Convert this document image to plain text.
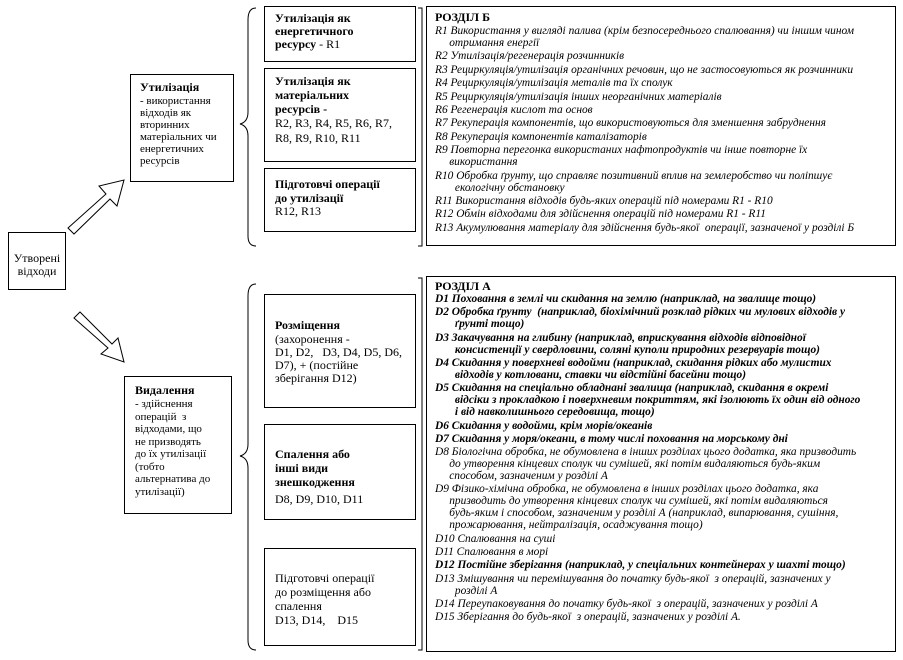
Утворені
відходи
Утилізація
- використання
відходів як
вторинних
матеріальних чи
енергетичних
ресурсів
Видалення
- здійснення
операцій  з
відходами, що
не призводять
до їх утилізації
(тобто
альтернатива до
утилізації)
Утилізація як
енергетичного
ресурсу - R1
Утилізація як
матеріальних
ресурсів -
R2, R3, R4, R5, R6, R7,
R8, R9, R10, R11
Підготовчі операції
до утилізації
R12, R13
Розміщення
(захоронення -
D1, D2,   D3, D4, D5, D6,
D7), + (постійне
зберігання D12)
Спалення або
інші види
знешкодження
D8, D9, D10, D11
Підготовчі операції
до розміщення або
спалення
D13, D14,    D15
РОЗДІЛ Б
R1 Використання у вигляді палива (крім безпосереднього спалювання) чи іншим чином
отримання енергії
R2 Утилізація/регенерація розчинників
R3 Рециркуляція/утилізація органічних речовин, що не застосовуються як розчинники
R4 Рециркуляція/утилізація металів та їх сполук
R5 Рециркуляція/утилізація інших неорганічних матеріалів
R6 Регенерація кислот та основ
R7 Рекуперація компонентів, що використовуються для зменшення забруднення
R8 Рекуперація компонентів каталізаторів
R9 Повторна перегонка використаних нафтопродуктів чи інше повторне їх
використання
R10 Обробка ґрунту, що справляє позитивний вплив на землеробство чи поліпшує
екологічну обстановку
R11 Використання відходів будь-яких операцій під номерами R1 - R10
R12 Обмін відходами для здійснення операцій під номерами R1 - R11
R13 Акумулювання матеріалу для здійснення будь-якої  операції, зазначеної у розділі Б
РОЗДІЛ А
D1 Поховання в землі чи скидання на землю (наприклад, на звалище тощо)
D2 Обробка ґрунту  (наприклад, біохімічний розклад рідких чи мулових відходів у
ґрунті тощо)
D3 Закачування на глибину (наприклад, вприскування відходів відповідної
консистенції у свердловини, соляні куполи природних резервуарів тощо)
D4 Скидання у поверхневі водойми (наприклад, скидання рідких або мулистих
відходів у котловани, ставки чи відстійні басейни тощо)
D5 Скидання на спеціально обладнані звалища (наприклад, скидання в окремі
відсіки з прокладкою і поверхневим покриттям, які ізолюють їх один від одного
і від навколишнього середовища, тощо)
D6 Скидання у водойми, крім морів/океанів
D7 Скидання у моря/океани, в тому числі поховання на морському дні
D8 Біологічна обробка, не обумовлена в інших розділах цього додатка, яка призводить
до утворення кінцевих сполук чи сумішей, які потім видаляються будь-яким
способом, зазначеним у розділі А
D9 Фізико-хімічна обробка, не обумовлена в інших розділах цього додатка, яка
призводить до утворення кінцевих сполук чи сумішей, які потім видаляються
будь-яким і способом, зазначеним у розділі А (наприклад, випарювання, сушіння,
прожарювання, нейтралізація, осаджування тощо)
D10 Спалювання на суші
D11 Спалювання в морі
D12 Постійне зберігання (наприклад, у спеціальних контейнерах у шахті тощо)
D13 Змішування чи перемішування до початку будь-якої  з операцій, зазначених у
розділі А
D14 Переупаковування до початку будь-якої  з операцій, зазначених у розділі А
D15 Зберігання до будь-якої  з операцій, зазначених у розділі А.
